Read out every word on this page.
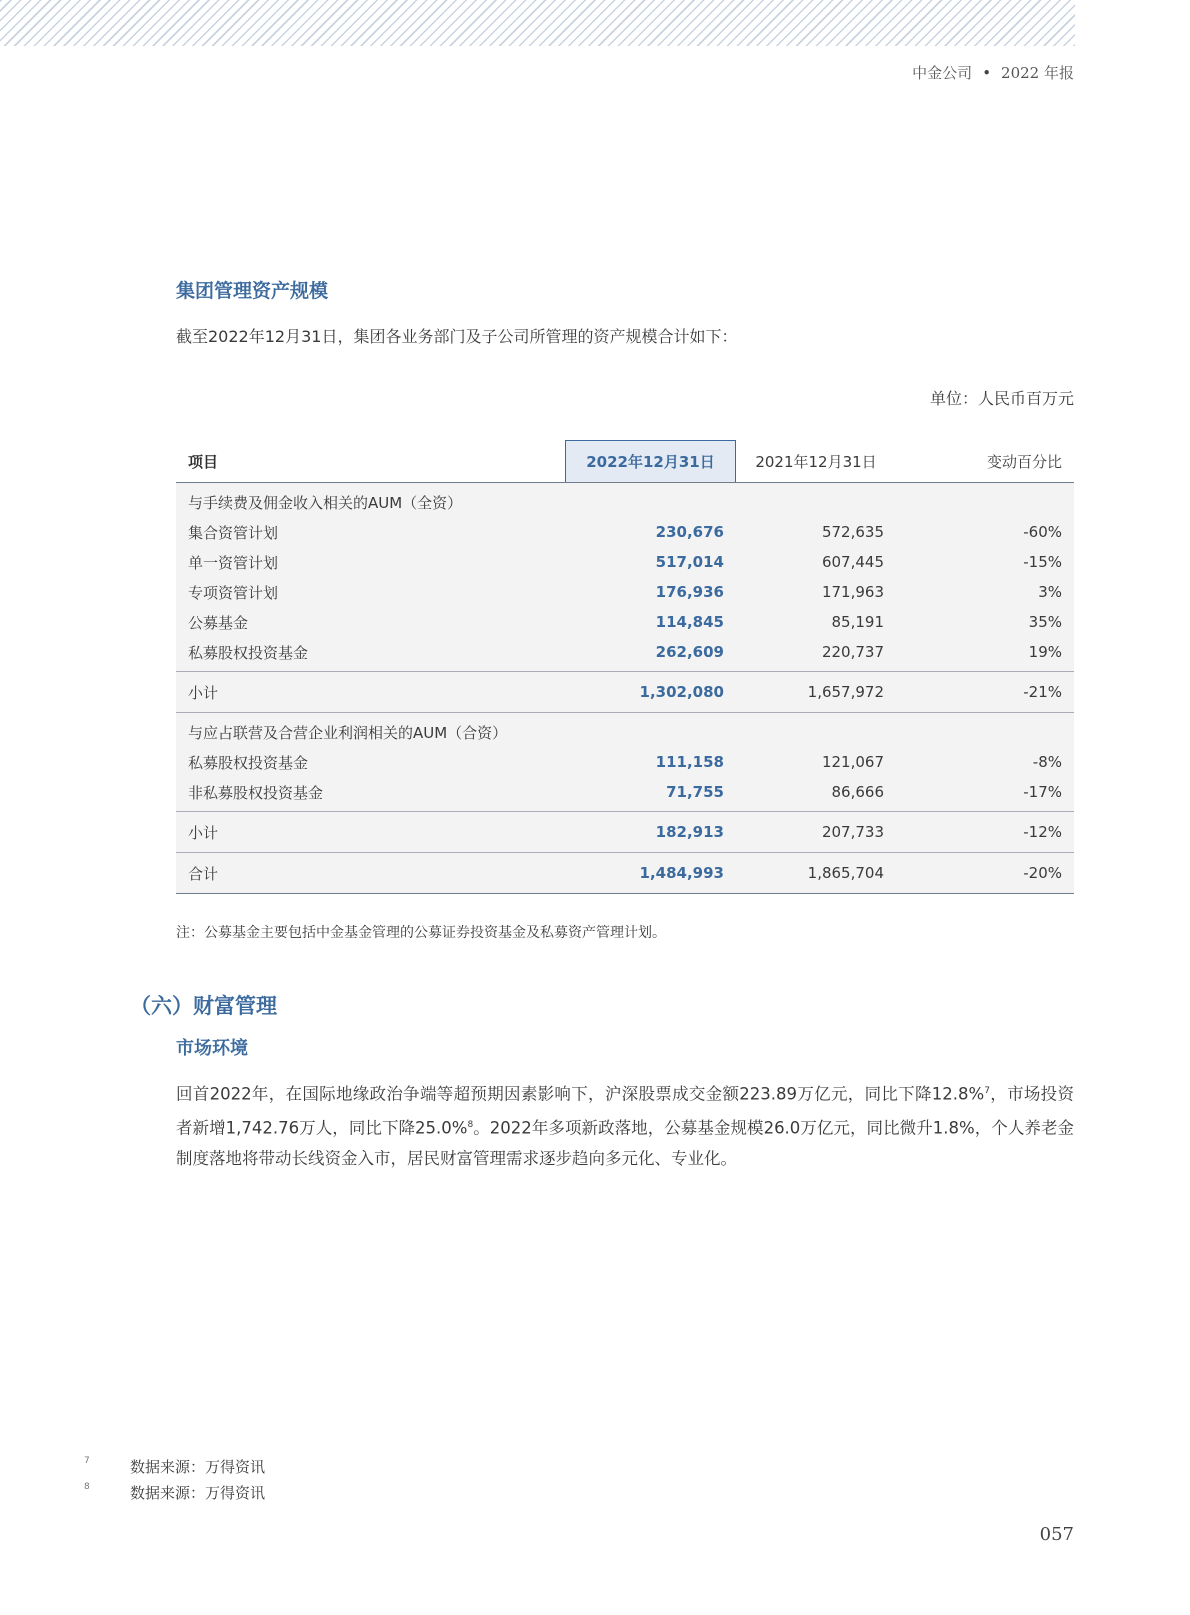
中金公司 • 2022 年报
集团管理资产规模
截至2022年12月31日，集团各业务部门及子公司所管理的资产规模合计如下：
单位：人民币百万元
项目	2022年12月31日	2021年12月31日	变动百分比
与手续费及佣金收入相关的AUM（全资）
集合资管计划	230,676	572,635	-60%
单一资管计划	517,014	607,445	-15%
专项资管计划	176,936	171,963	3%
公募基金	114,845	85,191	35%
私募股权投资基金	262,609	220,737	19%
小计	1,302,080	1,657,972	-21%
与应占联营及合营企业利润相关的AUM（合资）
私募股权投资基金	111,158	121,067	-8%
非私募股权投资基金	71,755	86,666	-17%
小计	182,913	207,733	-12%
合计	1,484,993	1,865,704	-20%
注：公募基金主要包括中金基金管理的公募证券投资基金及私募资产管理计划。
（六）财富管理
市场环境
回首2022年，在国际地缘政治争端等超预期因素影响下，沪深股票成交金额223.89万亿元，同比下降12.8%$^7$，市场投资者新增1,742.76万人，同比下降25.0%$^8$。2022年多项新政落地，公募基金规模26.0万亿元，同比微升1.8%，个人养老金制度落地将带动长线资金入市，居民财富管理需求逐步趋向多元化、专业化。
7	数据来源：万得资讯
8	数据来源：万得资讯
057
